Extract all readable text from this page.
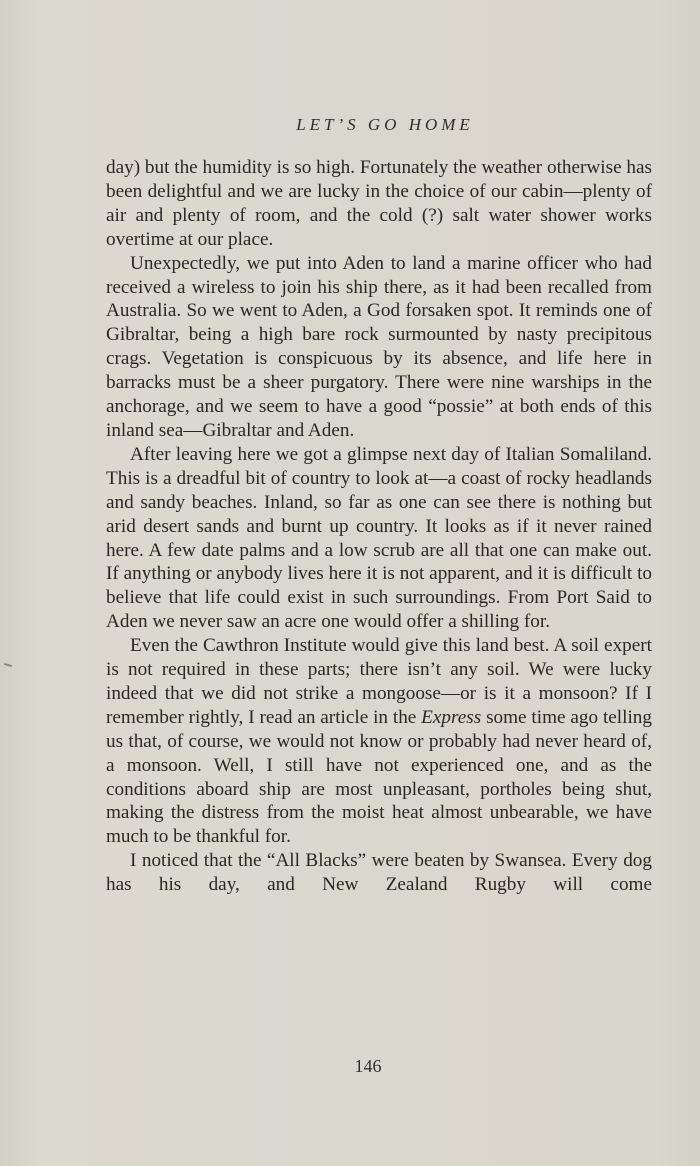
LET’S GO HOME

day) but the humidity is so high. Fortunately the weather otherwise has been delightful and we are lucky in the choice of our cabin—plenty of air and plenty of room, and the cold (?) salt water shower works overtime at our place.

Unexpectedly, we put into Aden to land a marine officer who had received a wireless to join his ship there, as it had been recalled from Australia. So we went to Aden, a God forsaken spot. It reminds one of Gibraltar, being a high bare rock surmounted by nasty precipitous crags. Vegetation is conspicuous by its absence, and life here in barracks must be a sheer purgatory. There were nine warships in the anchorage, and we seem to have a good “possie” at both ends of this inland sea—Gibraltar and Aden.

After leaving here we got a glimpse next day of Italian Somaliland. This is a dreadful bit of country to look at—a coast of rocky headlands and sandy beaches. Inland, so far as one can see there is nothing but arid desert sands and burnt up country. It looks as if it never rained here. A few date palms and a low scrub are all that one can make out. If anything or anybody lives here it is not apparent, and it is difficult to believe that life could exist in such surroundings. From Port Said to Aden we never saw an acre one would offer a shilling for.

Even the Cawthron Institute would give this land best. A soil expert is not required in these parts; there isn’t any soil. We were lucky indeed that we did not strike a mongoose—or is it a monsoon? If I remember rightly, I read an article in the Express some time ago telling us that, of course, we would not know or probably had never heard of, a monsoon. Well, I still have not experienced one, and as the conditions aboard ship are most unpleasant, portholes being shut, making the distress from the moist heat almost unbearable, we have much to be thankful for.

I noticed that the “All Blacks” were beaten by Swansea. Every dog has his day, and New Zealand Rugby will come

146
